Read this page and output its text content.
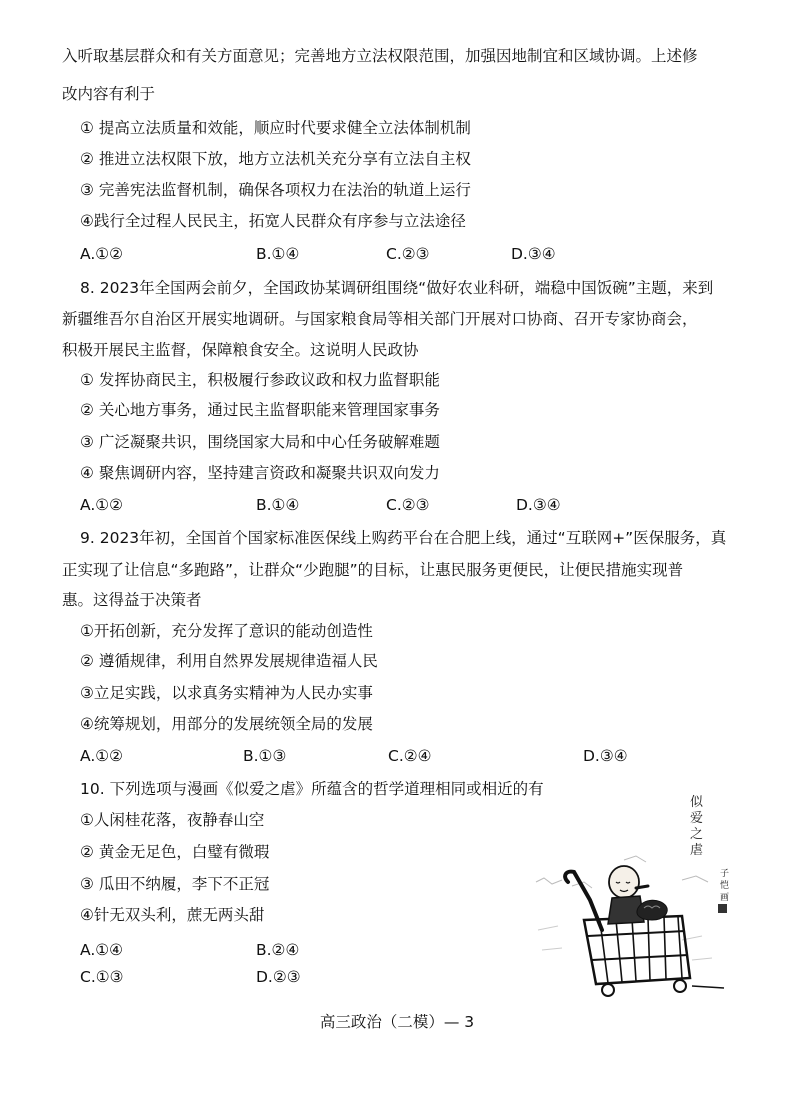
入听取基层群众和有关方面意见；完善地方立法权限范围，加强因地制宜和区域协调。上述修
改内容有利于
① 提高立法质量和效能，顺应时代要求健全立法体制机制
② 推进立法权限下放，地方立法机关充分享有立法自主权
③ 完善宪法监督机制，确保各项权力在法治的轨道上运行
④践行全过程人民民主，拓宽人民群众有序参与立法途径
A.①②	B.①④	C.②③	D.③④
8. 2023年全国两会前夕，全国政协某调研组围绕“做好农业科研，端稳中国饭碗”主题，来到
新疆维吾尔自治区开展实地调研。与国家粮食局等相关部门开展对口协商、召开专家协商会，
积极开展民主监督，保障粮食安全。这说明人民政协
① 发挥协商民主，积极履行参政议政和权力监督职能
② 关心地方事务，通过民主监督职能来管理国家事务
③ 广泛凝聚共识，围绕国家大局和中心任务破解难题
④ 聚焦调研内容，坚持建言资政和凝聚共识双向发力
A.①②	B.①④	C.②③	D.③④
9. 2023年初，全国首个国家标准医保线上购药平台在合肥上线，通过“互联网+”医保服务，真
正实现了让信息“多跑路”，让群众“少跑腿”的目标，让惠民服务更便民，让便民措施实现普
惠。这得益于决策者
①开拓创新，充分发挥了意识的能动创造性
② 遵循规律，利用自然界发展规律造福人民
③立足实践，以求真务实精神为人民办实事
④统筹规划，用部分的发展统领全局的发展
A.①②	B.①③	C.②④	D.③④
10. 下列选项与漫画《似爱之虐》所蕴含的哲学道理相同或相近的有
①人闲桂花落，夜静春山空
② 黄金无足色，白璧有微瑕
③ 瓜田不纳履，李下不正冠
④针无双头利，蔗无两头甜
A.①④	B.②④
C.①③	D.②③
似
爱
之
虐
子
恺
画
高三政治（二模）— 3
